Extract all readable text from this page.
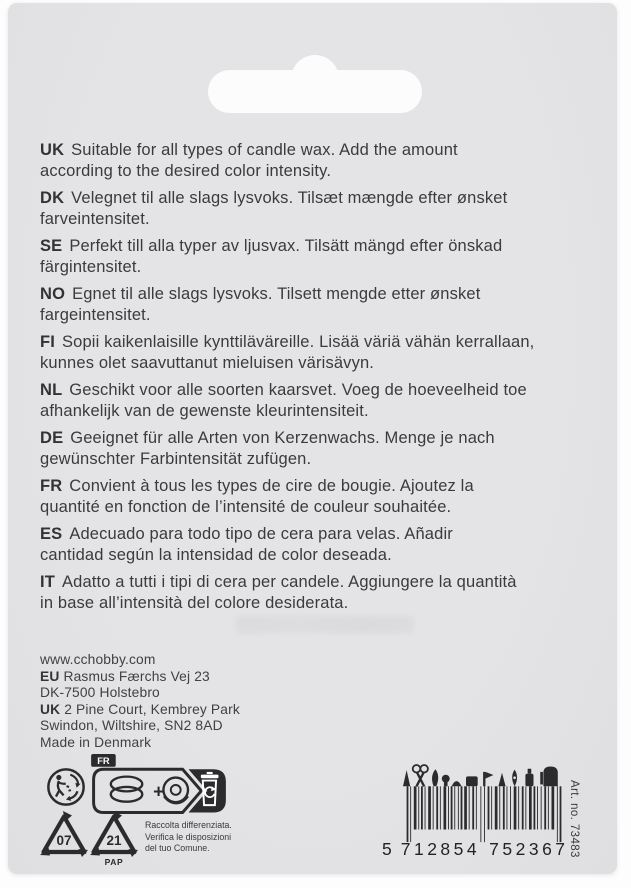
UK Suitable for all types of candle wax. Add the amount
according to the desired color intensity.

DK Velegnet til alle slags lysvoks. Tilsæt mængde efter ønsket
farveintensitet.

SE Perfekt till alla typer av ljusvax. Tilsätt mängd efter önskad
färgintensitet.

NO Egnet til alle slags lysvoks. Tilsett mengde etter ønsket
fargeintensitet.

FI Sopii kaikenlaisille kynttiläväreille. Lisää väriä vähän kerrallaan,
kunnes olet saavuttanut mieluisen värisävyn.

NL Geschikt voor alle soorten kaarsvet. Voeg de hoeveelheid toe
afhankelijk van de gewenste kleurintensiteit.

DE Geeignet für alle Arten von Kerzenwachs. Menge je nach
gewünschter Farbintensität zufügen.

FR Convient à tous les types de cire de bougie. Ajoutez la
quantité en fonction de l’intensité de couleur souhaitée.

ES Adecuado para todo tipo de cera para velas. Añadir
cantidad según la intensidad de color deseada.

IT Adatto a tutti i tipi di cera per candele. Aggiungere la quantità
in base all’intensità del colore desiderata.

www.cchobby.com
EU Rasmus Færchs Vej 23
DK-7500 Holstebro
UK 2 Pine Court, Kembrey Park
Swindon, Wiltshire, SN2 8AD
Made in Denmark
FR
+
07	21
PAP
Raccolta differenziata.
Verifica le disposizioni
del tuo Comune.	5 712854 752367 Art. no. 73483
